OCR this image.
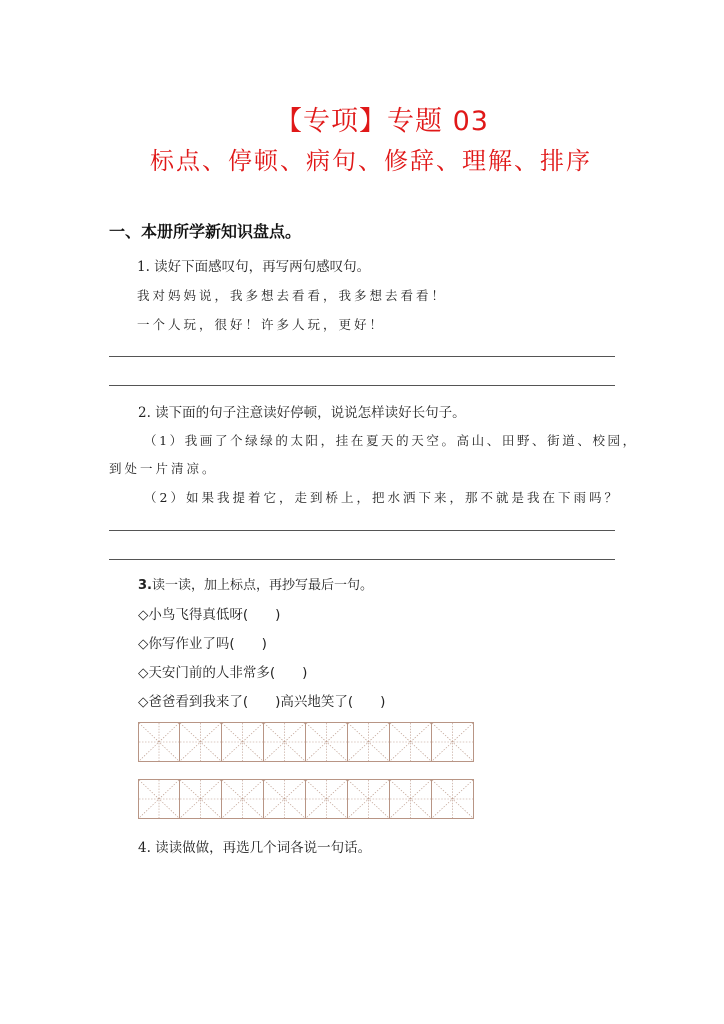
【专项】专题 03
标点、停顿、病句、修辞、理解、排序
一、本册所学新知识盘点。
1. 读好下面感叹句，再写两句感叹句。
我对妈妈说，我多想去看看，我多想去看看！
一个人玩，很好！许多人玩，更好！
2. 读下面的句子注意读好停顿，说说怎样读好长句子。
（1）我画了个绿绿的太阳，挂在夏天的天空。高山、田野、街道、校园，
到处一片清凉。
（2）如果我提着它，走到桥上，把水洒下来，那不就是我在下雨吗？
3.读一读，加上标点，再抄写最后一句。
◇小鸟飞得真低呀(　　)
◇你写作业了吗(　　)
◇天安门前的人非常多(　　)
◇爸爸看到我来了(　　)高兴地笑了(　　)
4. 读读做做，再选几个词各说一句话。
